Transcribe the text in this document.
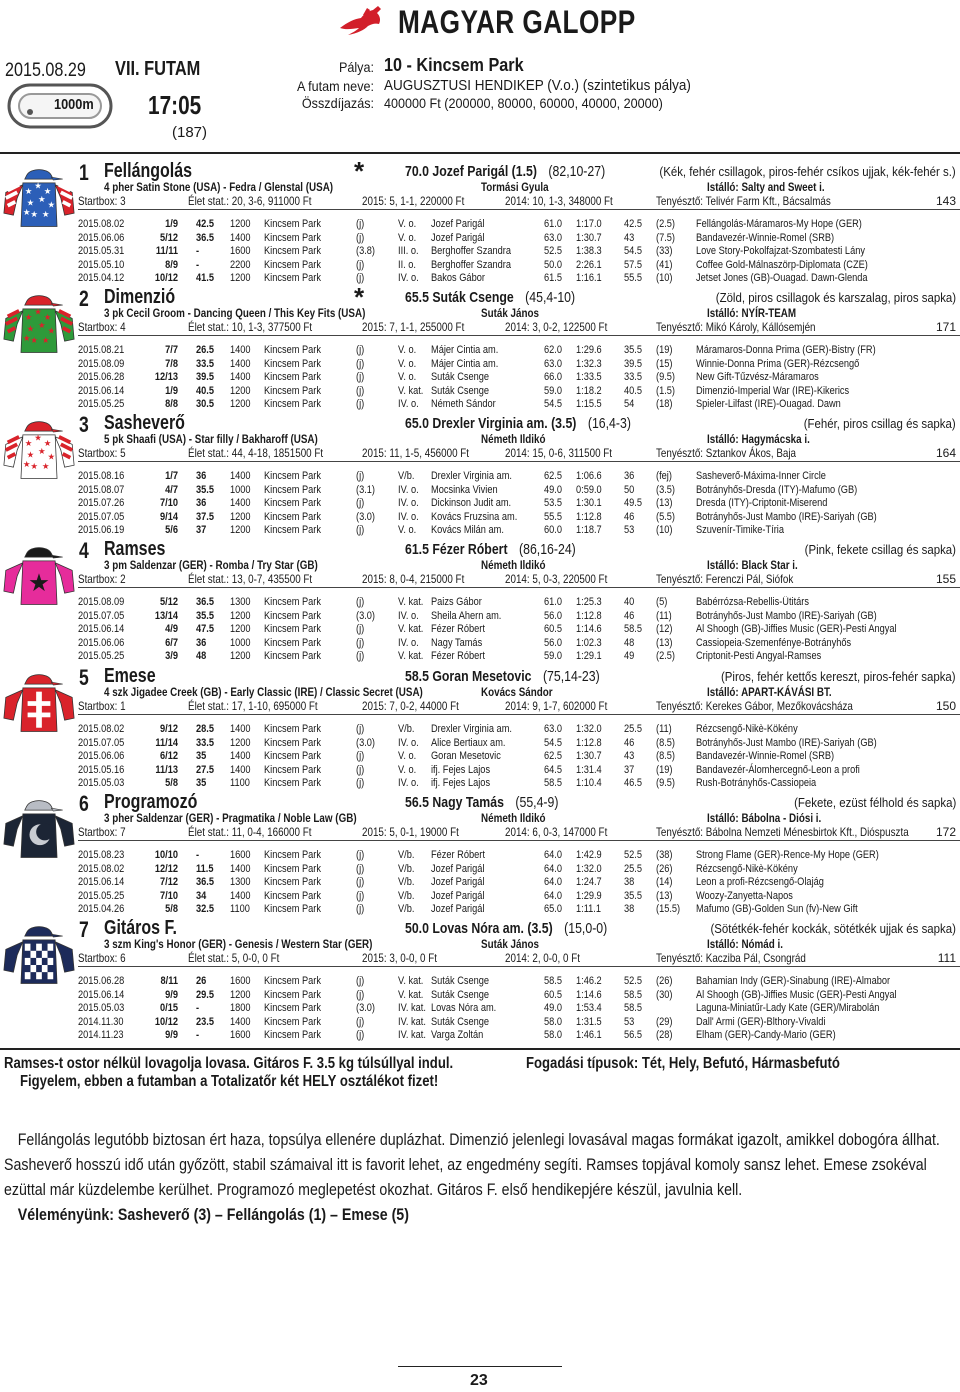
MAGYAR GALOPP
2015.08.29 VII. FUTAM
1000m 17:05
(187)
Pálya:
A futam neve:
Összdíjazás:
10 - Kincsem Park
AUGUSZTUSI HENDIKEP (V.o.) (szintetikus pálya)
400000 Ft (200000, 80000, 60000, 40000, 20000)
★
★
★
★ ★
★
★ ★
★
1 Fellángolás	*	70.0 Jozef Parigál (1.5) (82,10-27)	(Kék, fehér csillagok, piros-fehér csíkos ujjak, kék-fehér s.)
4 pher Satin Stone (USA) - Fedra / Glenstal (USA)	Tormási Gyula	Istálló: Salty and Sweet i.
Startbox: 3	Élet stat.: 20, 3-6, 911000 Ft	2015: 5, 1-1, 220000 Ft	2014: 10, 1-3, 348000 Ft	Tenyésztő: Telivér Farm Kft., Bácsalmás	143
2015.08.02	1/9 42.5	1200 Kincsem Park	(j)	V. o. Jozef Parigál	61.0 1:17.0 42.5 (2.5) Fellángolás-Máramaros-My Hope (GER)
2015.06.06	5/12 36.5	1400 Kincsem Park	(j)	V. o. Jozef Parigál	63.0 1:30.7 43 (7.5) Bandavezér-Winnie-Romel (SRB)
2015.05.31	11/11 -	1600 Kincsem Park	(3.8) III. o. Berghoffer Szandra	52.5 1:38.3 54.5 (33) Love Story-Pokolfajzat-Szombatesti Lány
2015.05.10	8/9 -	2200 Kincsem Park	(j)	II. o. Berghoffer Szandra	50.0 2:26.1 57.5 (41) Coffee Gold-Málnaszörp-Diplomata (CZE)
2015.04.12	10/12 41.5	1200 Kincsem Park	(j)	IV. o. Bakos Gábor	61.5 1:16.1 55.5 (10) Jetset Jones (GB)-Ouagad. Dawn-Glenda
★
★
★
★ ★
★
★ ★
★
2 Dimenzió	*	65.5 Suták Csenge (45,4-10)	(Zöld, piros csillagok és karszalag, piros sapka)
3 pk Cecil Groom - Dancing Queen / This Key Fits (USA)	Suták János	Istálló: NYÍR-TEAM
Startbox: 4	Élet stat.: 10, 1-3, 377500 Ft	2015: 7, 1-1, 255000 Ft	2014: 3, 0-2, 122500 Ft	Tenyésztő: Mikó Károly, Kállósemjén	171
2015.08.21	7/7 26.5	1400 Kincsem Park	(j)	V. o. Májer Cintia am.	62.0 1:29.6 35.5 (19) Máramaros-Donna Prima (GER)-Bistry (FR)
2015.08.09	7/8 33.5	1400 Kincsem Park	(j)	V. o. Májer Cintia am.	63.0 1:32.3 39.5 (15) Winnie-Donna Prima (GER)-Rézcsengő
2015.06.28	12/13 39.5	1400 Kincsem Park	(j)	V. o. Suták Csenge	66.0 1:33.5 33.5 (9.5) New Gift-Tűzvész-Máramaros
2015.06.14	1/9 40.5	1200 Kincsem Park	(j)	V. kat. Suták Csenge	59.0 1:18.2 40.5 (1.5) Dimenzió-Imperial War (IRE)-Kikerics
2015.05.25	8/8 30.5	1200 Kincsem Park	(j)	IV. o. Németh Sándor	54.5 1:15.5 54 (18) Spieler-Lilfast (IRE)-Ouagad. Dawn
★
★
★
★ ★
★
★ ★
★
3 Sasheverő	65.0 Drexler Virginia am. (3.5) (16,4-3)	(Fehér, piros csillag és sapka)
5 pk Shaafi (USA) - Star filly / Bakharoff (USA)	Németh Ildikó	Istálló: Hagymácska i.
Startbox: 5	Élet stat.: 44, 4-18, 1851500 Ft	2015: 11, 1-5, 456000 Ft	2014: 15, 0-6, 311500 Ft	Tenyésztő: Sztankov Ákos, Baja	164
2015.08.16	1/7 36	1400 Kincsem Park	(j)	V/b. Drexler Virginia am.	62.5 1:06.6 36 (fej) Sasheverő-Máxima-Inner Circle
2015.08.07	4/7 35.5	1000 Kincsem Park	(3.1) IV. o. Mocsinka Vivien	49.0 0:59.0 50 (3.5) Botrányhős-Dresda (ITY)-Mafumo (GB)
2015.07.26	7/10 36	1400 Kincsem Park	(j)	IV. o. Dickinson Judit am.	53.5 1:30.1 49.5 (13) Dresda (ITY)-Criptonit-Miserend
2015.07.05	9/14 37.5	1200 Kincsem Park	(3.0) IV. o. Kovács Fruzsina am. 55.5 1:12.8 46 (5.5) Botrányhős-Just Mambo (IRE)-Sariyah (GB)
2015.06.19	5/6 37	1200 Kincsem Park	(j)	V. o. Kovács Milán am.	60.0 1:18.7 53 (10) Szuvenír-Timike-Tíria
★
4 Ramses	61.5 Fézer Róbert (86,16-24)	(Pink, fekete csillag és sapka)
3 pm Saldenzar (GER) - Romba / Try Star (GB)	Németh Ildikó	Istálló: Black Star i.
Startbox: 2	Élet stat.: 13, 0-7, 435500 Ft	2015: 8, 0-4, 215000 Ft	2014: 5, 0-3, 220500 Ft	Tenyésztő: Ferenczi Pál, Siófok	155
2015.08.09	5/12 36.5	1300 Kincsem Park	(j)	V. kat. Paizs Gábor	61.0 1:25.3 40 (5)	Babérrózsa-Rebellis-Ütitárs
2015.07.05	13/14 35.5	1200 Kincsem Park	(3.0) IV. o. Sheila Ahern am.	56.0 1:12.8 46 (11) Botrányhős-Just Mambo (IRE)-Sariyah (GB)
2015.06.14	4/9 47.5	1200 Kincsem Park	(j)	V. kat. Fézer Róbert	60.5 1:14.6 58.5 (12) Al Shoogh (GB)-Jiffies Music (GER)-Pesti Angyal
2015.06.06	6/7 36	1000 Kincsem Park	(j)	IV. o. Nagy Tamás	56.0 1:02.3 48 (13) Cassiopeia-Szemenfénye-Botrányhős
2015.05.25	3/9 48	1200 Kincsem Park	(j)	V. kat. Fézer Róbert	59.0 1:29.1 49 (2.5) Criptonit-Pesti Angyal-Ramses
5 Emese	58.5 Goran Mesetovic (75,14-23)	(Piros, fehér kettős kereszt, piros-fehér sapka)
4 szk Jigadee Creek (GB) - Early Classic (IRE) / Classic Secret (USA)	Kovács Sándor	Istálló: APART-KÁVÁSI BT.
Startbox: 1	Élet stat.: 17, 1-10, 695000 Ft	2015: 7, 0-2, 44000 Ft	2014: 9, 1-7, 602000 Ft	Tenyésztő: Kerekes Gábor, Mezőkovácsháza	150
2015.08.02	9/12 28.5	1400 Kincsem Park	(j)	V/b. Drexler Virginia am.	63.0 1:32.0 25.5 (11) Rézcsengő-Nikè-Kökény
2015.07.05	11/14 33.5	1200 Kincsem Park	(3.0) IV. o. Alice Bertiaux am.	54.5 1:12.8 46 (8.5) Botrányhős-Just Mambo (IRE)-Sariyah (GB)
2015.06.06	6/12 35	1400 Kincsem Park	(j)	V. o. Goran Mesetovic	62.5 1:30.7 43 (8.5) Bandavezér-Winnie-Romel (SRB)
2015.05.16	11/13 27.5	1400 Kincsem Park	(j)	V. o. ifj. Fejes Lajos	64.5 1:31.4 37 (19) Bandavezér-Álomhercegnő-Leon a profi
2015.05.03	5/8 35	1100 Kincsem Park	(j)	IV. o. ifj. Fejes Lajos	58.5 1:10.4 46.5 (9.5) Rush-Botrányhős-Cassiopeia
6 Programozó	56.5 Nagy Tamás (55,4-9)	(Fekete, ezüst félhold és sapka)
3 pher Saldenzar (GER) - Pragmatika / Noble Law (GB)	Németh Ildikó	Istálló: Bábolna - Diósi i.
Startbox: 7	Élet stat.: 11, 0-4, 166000 Ft	2015: 5, 0-1, 19000 Ft	2014: 6, 0-3, 147000 Ft	Tenyésztő: Bábolna Nemzeti Ménesbirtok Kft., Dióspuszta 172
2015.08.23	10/10 -	1600 Kincsem Park	(j)	V/b. Fézer Róbert	64.0 1:42.9 52.5 (38) Strong Flame (GER)-Rence-My Hope (GER)
2015.08.02	12/12 11.5	1400 Kincsem Park	(j)	V/b. Jozef Parigál	64.0 1:32.0 25.5 (26) Rézcsengő-Nikè-Kökény
2015.06.14	7/12 36.5	1300 Kincsem Park	(j)	V/b. Jozef Parigál	64.0 1:24.7 38 (14) Leon a profi-Rézcsengő-Olajág
2015.05.25	7/10 34	1400 Kincsem Park	(j)	V/b. Jozef Parigál	64.0 1:29.9 35.5 (13) Woozy-Zanyetta-Napos
2015.04.26	5/8 32.5	1100 Kincsem Park	(j)	V/b. Jozef Parigál	65.0 1:11.1 38 (15.5) Mafumo (GB)-Golden Sun (fv)-New Gift
7 Gitáros F.	50.0 Lovas Nóra am. (3.5) (15,0-0)	(Sötétkék-fehér kockák, sötétkék ujjak és sapka)
3 szm King's Honor (GER) - Genesis / Western Star (GER)	Suták János	Istálló: Nómád i.
Startbox: 6	Élet stat.: 5, 0-0, 0 Ft	2015: 3, 0-0, 0 Ft	2014: 2, 0-0, 0 Ft	Tenyésztő: Kacziba Pál, Csongrád	111
2015.06.28	8/11 26	1600 Kincsem Park	(j)	V. kat. Suták Csenge	58.5 1:46.2 52.5 (26) Bahamian Indy (GER)-Sinabung (IRE)-Almabor
2015.06.14	9/9 29.5	1200 Kincsem Park	(j)	V. kat. Suták Csenge	60.5 1:14.6 58.5 (30) Al Shoogh (GB)-Jiffies Music (GER)-Pesti Angyal
2015.05.03	0/15 -	1800 Kincsem Park	(3.0) IV. kat. Lovas Nóra am.	49.0 1:53.4 58.5	Laguna-Miniatűr-Lady Kate (GER)/Mirabolán
2014.11.30	10/12 23.5	1400 Kincsem Park	(j)	IV. kat. Suták Csenge	58.0 1:31.5 53 (29) Dall' Armi (GER)-Blthory-Vivaldi
2014.11.23	9/9 -	1600 Kincsem Park	(j)	IV. kat. Varga Zoltán	58.0 1:46.1 56.5 (28) Elham (GER)-Candy-Mario (GER)
Ramses-t ostor nélkül lovagolja lovasa. Gitáros F. 3.5 kg túlsúllyal indul.	Fogadási típusok: Tét, Hely, Befutó, Hármasbefutó
Figyelem, ebben a futamban a Totalizatőr két HELY osztálékot fizet!

Fellángolás legutóbb biztosan ért haza, topsúlya ellenére duplázhat. Dimenzió jelenlegi lovasával magas formákat igazolt, amikkel dobogóra állhat. Sasheverő hosszú idő után győzött, stabil számaival itt is favorit lehet, az engedmény segíti. Ramses topjával komoly sansz lehet. Emese zsokéval ezüttal már küzdelembe kerülhet. Programozó meglepetést okozhat. Gitáros F. első hendikepjére készül, javulnia kell.

Véleményünk: Sasheverő (3) – Fellángolás (1) – Emese (5)

23
